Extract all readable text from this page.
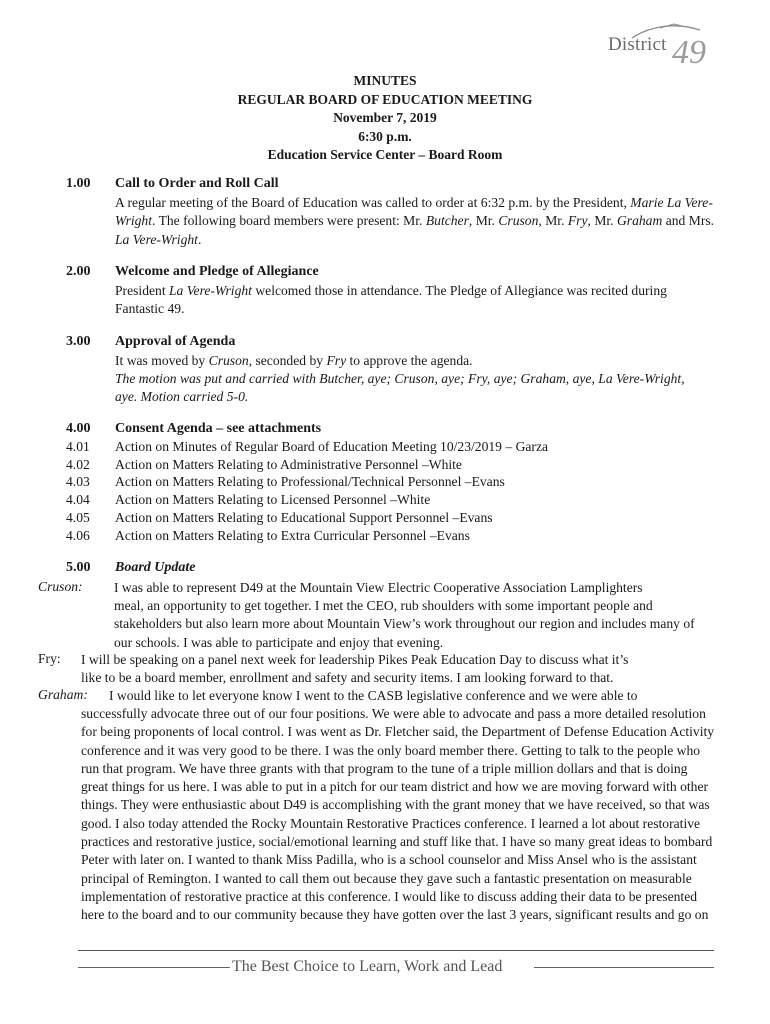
District 49
MINUTES
REGULAR BOARD OF EDUCATION MEETING
November 7, 2019
6:30 p.m.
Education Service Center – Board Room
1.00 Call to Order and Roll Call
A regular meeting of the Board of Education was called to order at 6:32 p.m. by the President, Marie La Vere-Wright. The following board members were present: Mr. Butcher, Mr. Cruson, Mr. Fry, Mr. Graham and Mrs. La Vere-Wright.
2.00 Welcome and Pledge of Allegiance
President La Vere-Wright welcomed those in attendance. The Pledge of Allegiance was recited during Fantastic 49.
3.00 Approval of Agenda
It was moved by Cruson, seconded by Fry to approve the agenda.
The motion was put and carried with Butcher, aye; Cruson, aye; Fry, aye; Graham, aye, La Vere-Wright, aye. Motion carried 5-0.
4.00 Consent Agenda – see attachments
4.01 Action on Minutes of Regular Board of Education Meeting 10/23/2019 – Garza
4.02 Action on Matters Relating to Administrative Personnel –White
4.03 Action on Matters Relating to Professional/Technical Personnel –Evans
4.04 Action on Matters Relating to Licensed Personnel –White
4.05 Action on Matters Relating to Educational Support Personnel –Evans
4.06 Action on Matters Relating to Extra Curricular Personnel –Evans
5.00 Board Update
Cruson: I was able to represent D49 at the Mountain View Electric Cooperative Association Lamplighters
meal, an opportunity to get together. I met the CEO, rub shoulders with some important people and stakeholders but also learn more about Mountain View’s work throughout our region and includes many of our schools. I was able to participate and enjoy that evening.
Fry: I will be speaking on a panel next week for leadership Pikes Peak Education Day to discuss what it’s
like to be a board member, enrollment and safety and security items. I am looking forward to that.
Graham: I would like to let everyone know I went to the CASB legislative conference and we were able to
successfully advocate three out of our four positions. We were able to advocate and pass a more detailed resolution for being proponents of local control. I was went as Dr. Fletcher said, the Department of Defense Education Activity conference and it was very good to be there. I was the only board member there. Getting to talk to the people who run that program. We have three grants with that program to the tune of a triple million dollars and that is doing great things for us here. I was able to put in a pitch for our team district and how we are moving forward with other things. They were enthusiastic about D49 is accomplishing with the grant money that we have received, so that was good. I also today attended the Rocky Mountain Restorative Practices conference. I learned a lot about restorative practices and restorative justice, social/emotional learning and stuff like that. I have so many great ideas to bombard Peter with later on. I wanted to thank Miss Padilla, who is a school counselor and Miss Ansel who is the assistant principal of Remington. I wanted to call them out because they gave such a fantastic presentation on measurable implementation of restorative practice at this conference. I would like to discuss adding their data to be presented here to the board and to our community because they have gotten over the last 3 years, significant results and go on
The Best Choice to Learn, Work and Lead
